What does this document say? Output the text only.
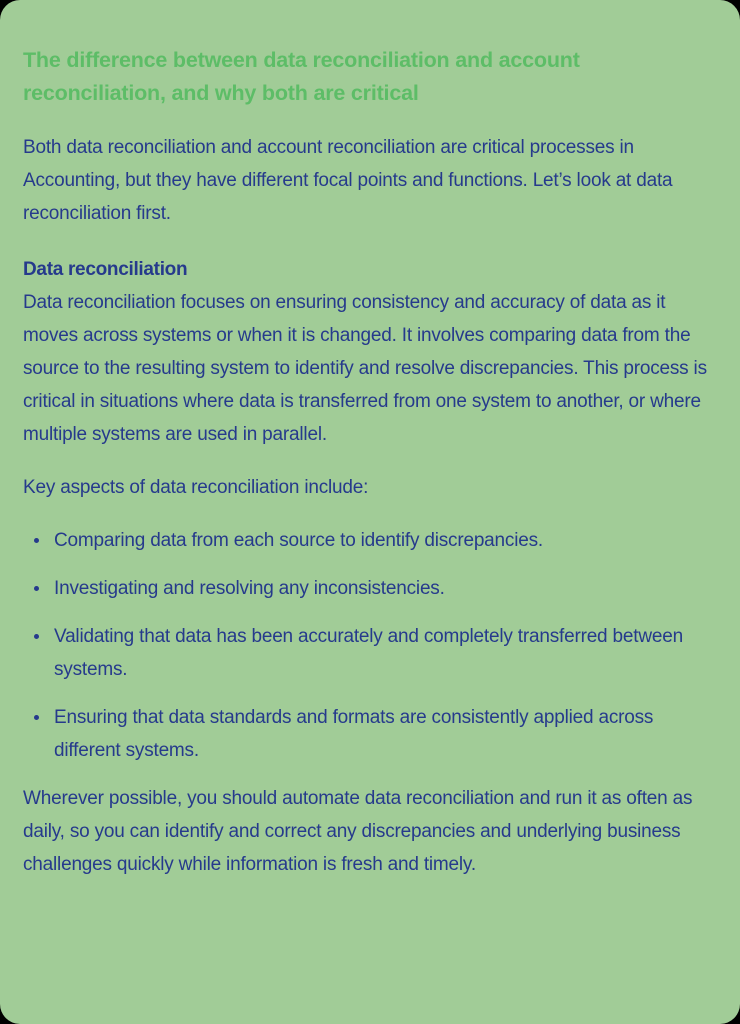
The difference between data reconciliation and account reconciliation, and why both are critical

Both data reconciliation and account reconciliation are critical processes in Accounting, but they have different focal points and functions. Let’s look at data reconciliation first.

Data reconciliation

Data reconciliation focuses on ensuring consistency and accuracy of data as it moves across systems or when it is changed. It involves comparing data from the source to the resulting system to identify and resolve discrepancies. This process is critical in situations where data is transferred from one system to another, or where multiple systems are used in parallel.

Key aspects of data reconciliation include:

Comparing data from each source to identify discrepancies.
Investigating and resolving any inconsistencies.
Validating that data has been accurately and completely transferred between systems.
Ensuring that data standards and formats are consistently applied across different systems.

Wherever possible, you should automate data reconciliation and run it as often as daily, so you can identify and correct any discrepancies and underlying business challenges quickly while information is fresh and timely.
